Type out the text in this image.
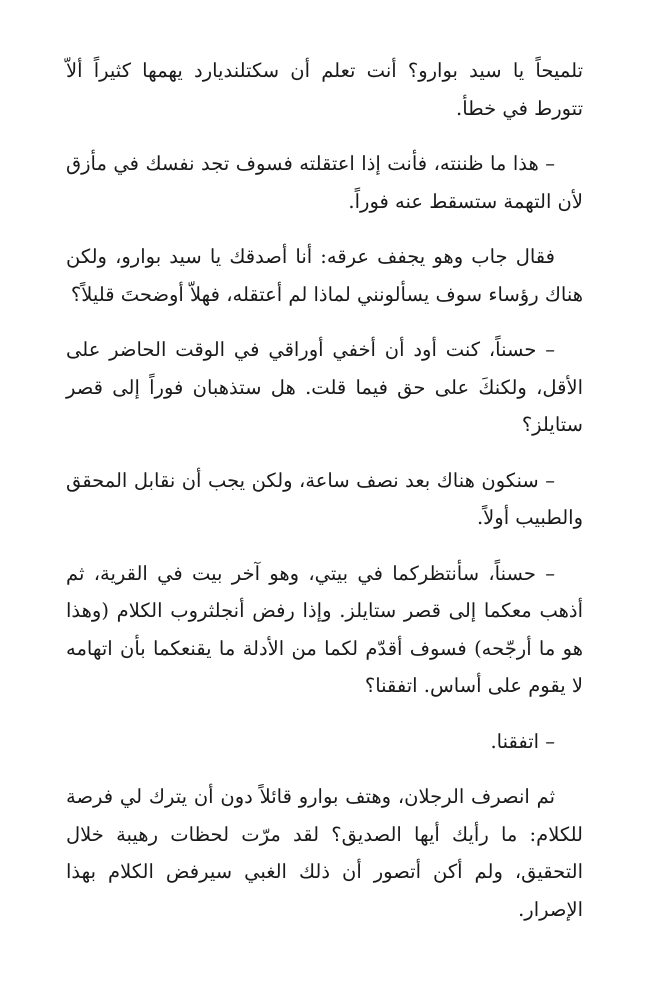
تلميحاً يا سيد بوارو؟ أنت تعلم أن سكتلنديارد يهمها كثيراً ألاّ تتورط في خطأ.

– هذا ما ظننته، فأنت إذا اعتقلته فسوف تجد نفسك في مأزق لأن التهمة ستسقط عنه فوراً.

فقال جاب وهو يجفف عرقه: أنا أصدقك يا سيد بوارو، ولكن هناك رؤساء سوف يسألونني لماذا لم أعتقله، فهلاّ أوضحتَ قليلاً؟

– حسناً، كنت أود أن أخفي أوراقي في الوقت الحاضر على الأقل، ولكنكَ على حق فيما قلت. هل ستذهبان فوراً إلى قصر ستايلز؟

– سنكون هناك بعد نصف ساعة، ولكن يجب أن نقابل المحقق والطبيب أولاً.

– حسناً، سأنتظركما في بيتي، وهو آخر بيت في القرية، ثم أذهب معكما إلى قصر ستايلز. وإذا رفض أنجلثروب الكلام (وهذا هو ما أرجّحه) فسوف أقدّم لكما من الأدلة ما يقنعكما بأن اتهامه لا يقوم على أساس. اتفقنا؟

– اتفقنا.

ثم انصرف الرجلان، وهتف بوارو قائلاً دون أن يترك لي فرصة للكلام: ما رأيك أيها الصديق؟ لقد مرّت لحظات رهيبة خلال التحقيق، ولم أكن أتصور أن ذلك الغبي سيرفض الكلام بهذا الإصرار.
